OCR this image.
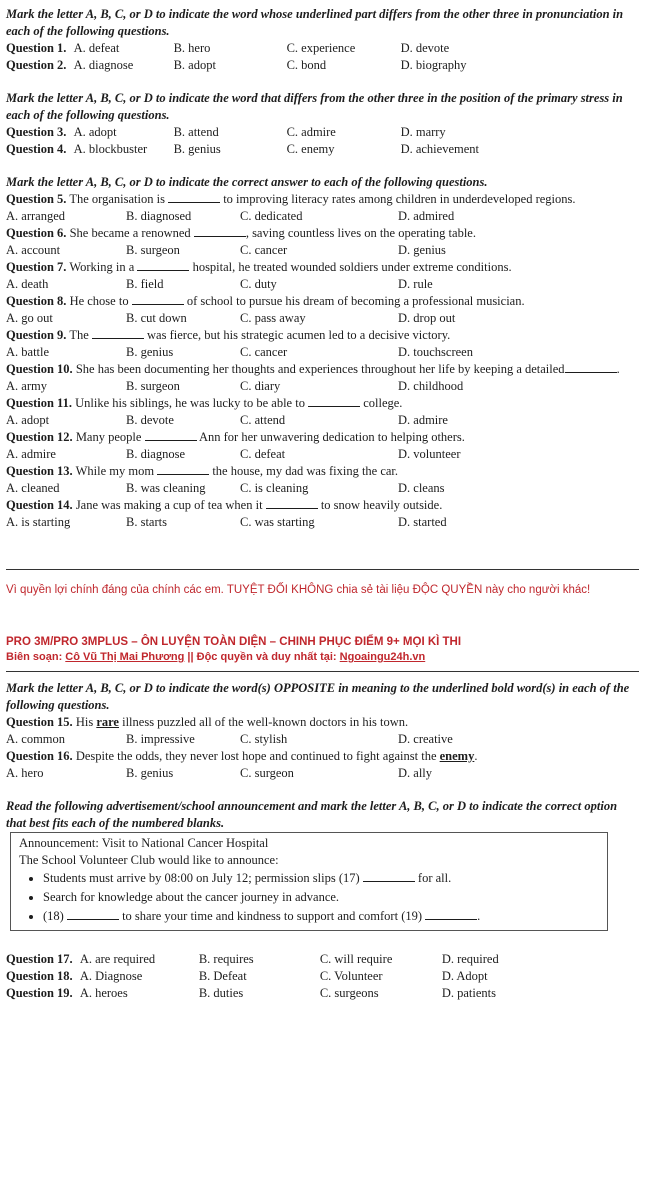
Mark the letter A, B, C, or D to indicate the word whose underlined part differs from the other three in pronunciation in each of the following questions.

Question 1. A. defeat	B. hero	C. experience	D. devote
Question 2. A. diagnose	B. adopt	C. bond	D. biography

Mark the letter A, B, C, or D to indicate the word that differs from the other three in the position of the primary stress in each of the following questions.

Question 3. A. adopt	B. attend	C. admire	D. marry
Question 4. A. blockbuster B. genius	C. enemy	D. achievement

Mark the letter A, B, C, or D to indicate the correct answer to each of the following questions.

Question 5. The organisation is	to improving literacy rates among children in underdeveloped regions.

A. arranged	B. diagnosed	C. dedicated	D. admired

Question 6. She became a renowned	, saving countless lives on the operating table.

A. account	B. surgeon	C. cancer	D. genius

Question 7. Working in a	hospital, he treated wounded soldiers under extreme conditions.

A. death	B. field	C. duty	D. rule

Question 8. He chose to	of school to pursue his dream of becoming a professional musician.

A. go out	B. cut down	C. pass away	D. drop out

Question 9. The	was fierce, but his strategic acumen led to a decisive victory.

A. battle	B. genius	C. cancer	D. touchscreen

Question 10. She has been documenting her thoughts and experiences throughout her life by keeping a detailed	.

A. army	B. surgeon	C. diary	D. childhood

Question 11. Unlike his siblings, he was lucky to be able to	college.

A. adopt	B. devote	C. attend	D. admire

Question 12. Many people	Ann for her unwavering dedication to helping others.

A. admire	B. diagnose	C. defeat	D. volunteer

Question 13. While my mom	the house, my dad was fixing the car.

A. cleaned	B. was cleaning	C. is cleaning	D. cleans

Question 14. Jane was making a cup of tea when it	to snow heavily outside.

A. is starting	B. starts	C. was starting	D. started

Vì quyền lợi chính đáng của chính các em. TUYỆT ĐỐI KHÔNG chia sẻ tài liệu ĐỘC QUYỀN này cho người khác!

PRO 3M/PRO 3MPLUS – ÔN LUYỆN TOÀN DIỆN – CHINH PHỤC ĐIỂM 9+ MỌI KÌ THI

Biên soạn: Cô Vũ Thị Mai Phương || Độc quyền và duy nhất tại: Ngoaingu24h.vn

Mark the letter A, B, C, or D to indicate the word(s) OPPOSITE in meaning to the underlined bold word(s) in each of the following questions.

Question 15. His rare illness puzzled all of the well-known doctors in his town.

A. common	B. impressive	C. stylish	D. creative

Question 16. Despite the odds, they never lost hope and continued to fight against the enemy.

A. hero	B. genius	C. surgeon	D. ally

Read the following advertisement/school announcement and mark the letter A, B, C, or D to indicate the correct option that best fits each of the numbered blanks.

Announcement: Visit to National Cancer Hospital

The School Volunteer Club would like to announce:

• Students must arrive by 08:00 on July 12; permission slips (17)	for all.
• Search for knowledge about the cancer journey in advance.
• (18)	to share your time and kindness to support and comfort (19)	.
Question 17. A. are required	B. requires	C. will require	D. required
Question 18. A. Diagnose	B. Defeat	C. Volunteer	D. Adopt
Question 19. A. heroes	B. duties	C. surgeons	D. patients
